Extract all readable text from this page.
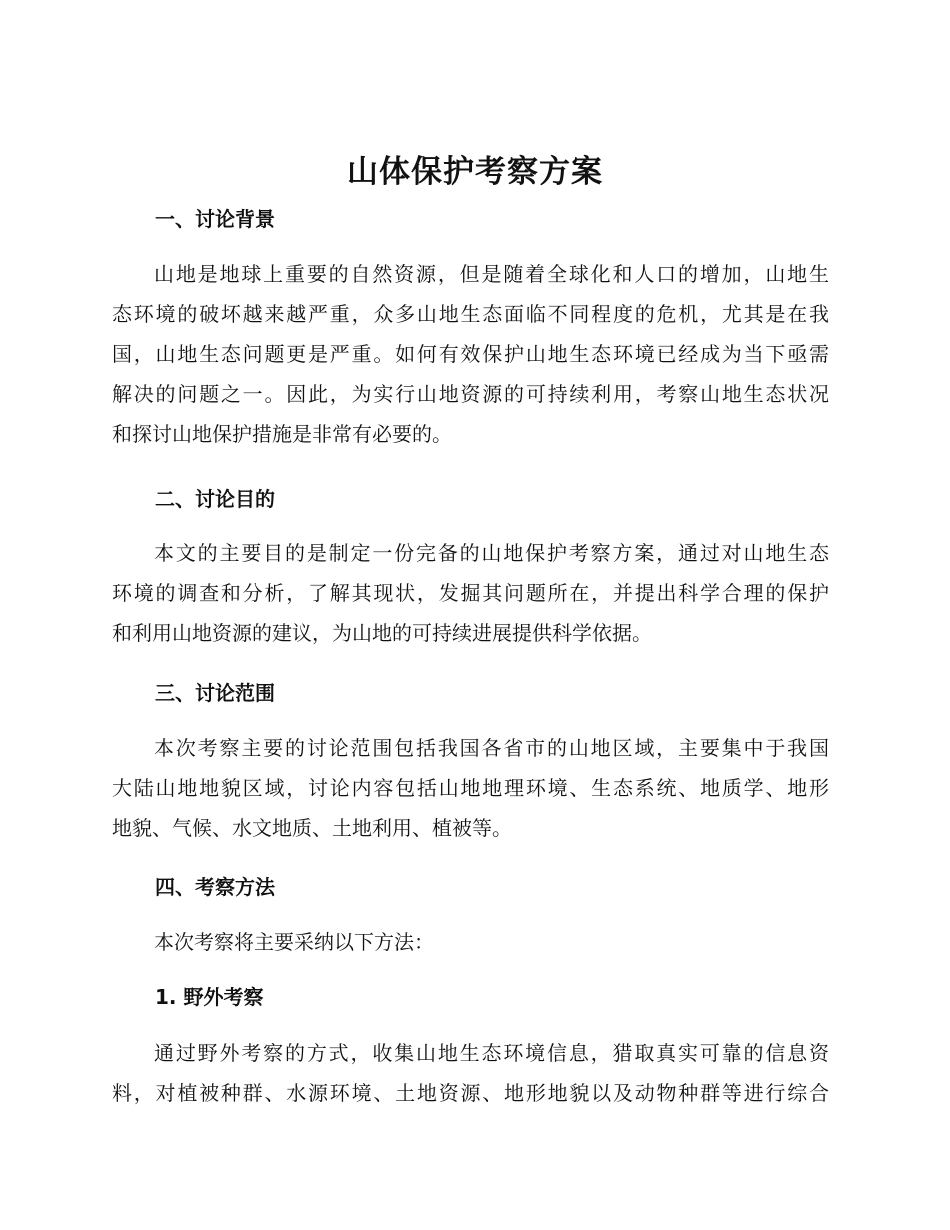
山体保护考察方案
一、讨论背景
山地是地球上重要的自然资源，但是随着全球化和人口的增加，山地生
态环境的破坏越来越严重，众多山地生态面临不同程度的危机，尤其是在我
国，山地生态问题更是严重。如何有效保护山地生态环境已经成为当下亟需
解决的问题之一。因此，为实行山地资源的可持续利用，考察山地生态状况
和探讨山地保护措施是非常有必要的。
二、讨论目的
本文的主要目的是制定一份完备的山地保护考察方案，通过对山地生态
环境的调查和分析，了解其现状，发掘其问题所在，并提出科学合理的保护
和利用山地资源的建议，为山地的可持续进展提供科学依据。
三、讨论范围
本次考察主要的讨论范围包括我国各省市的山地区域，主要集中于我国
大陆山地地貌区域，讨论内容包括山地地理环境、生态系统、地质学、地形
地貌、气候、水文地质、土地利用、植被等。
四、考察方法
本次考察将主要采纳以下方法：
1. 野外考察
通过野外考察的方式，收集山地生态环境信息，猎取真实可靠的信息资
料，对植被种群、水源环境、土地资源、地形地貌以及动物种群等进行综合
